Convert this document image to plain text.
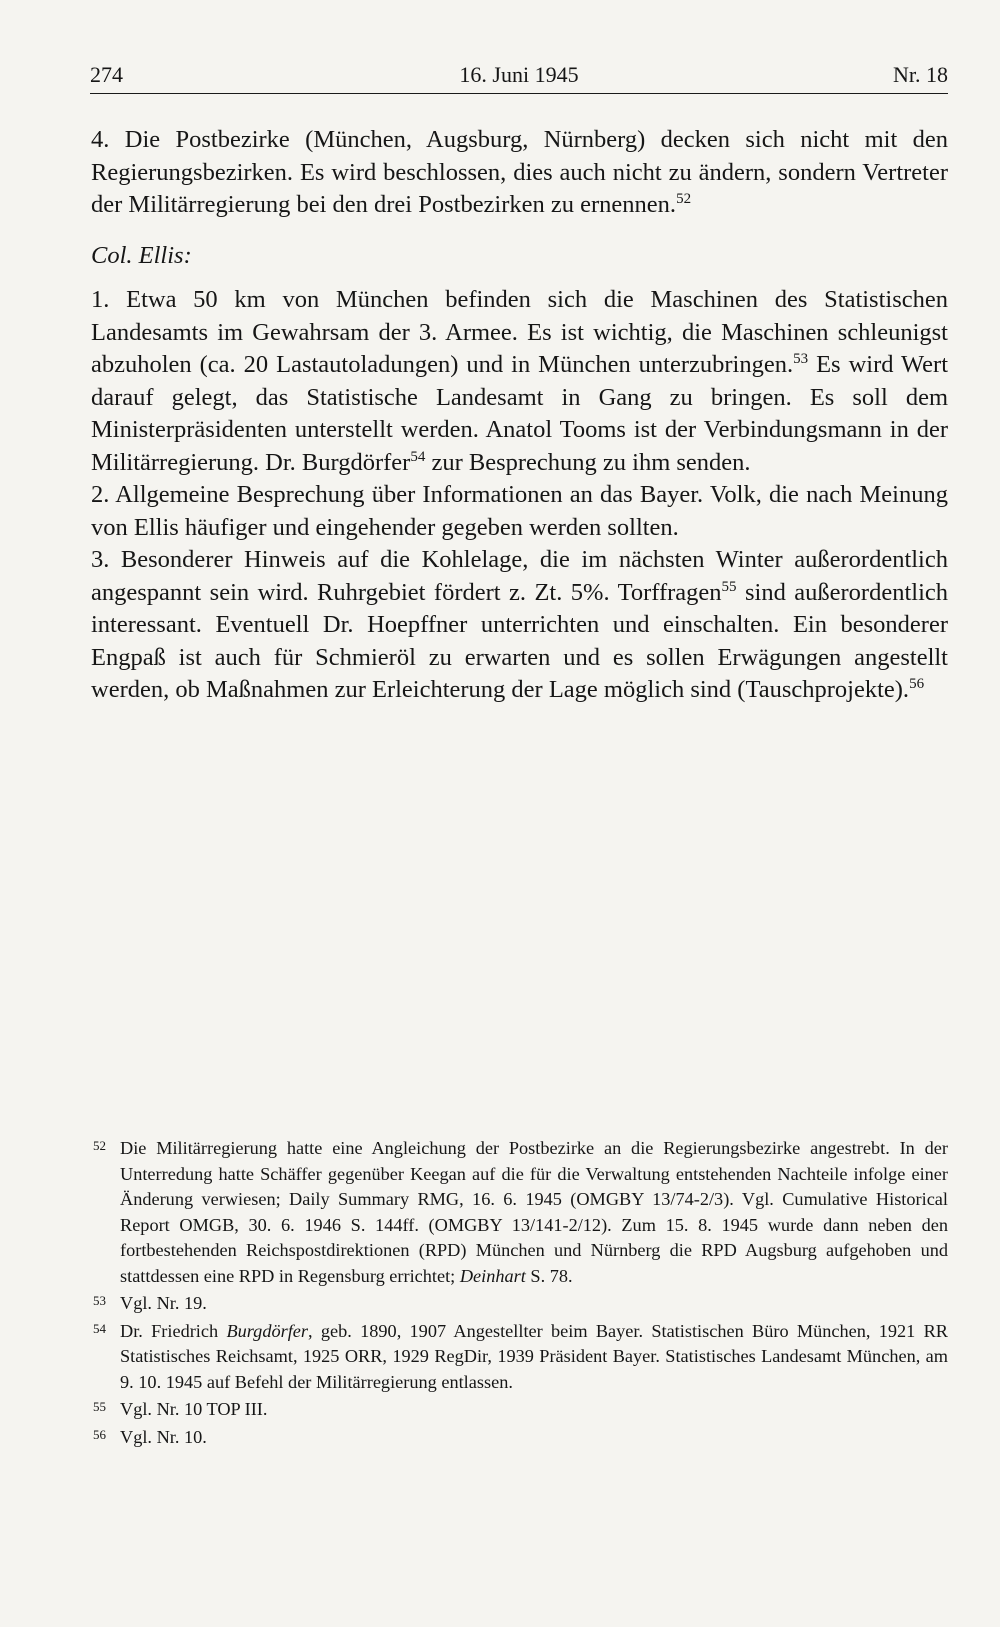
274	16. Juni 1945	Nr. 18

4. Die Postbezirke (München, Augsburg, Nürnberg) decken sich nicht mit den Regierungsbezirken. Es wird beschlossen, dies auch nicht zu ändern, sondern Vertreter der Militärregierung bei den drei Postbezirken zu ernennen.$^{52}$

Col. Ellis:

1. Etwa 50 km von München befinden sich die Maschinen des Statistischen Landesamts im Gewahrsam der 3. Armee. Es ist wichtig, die Maschinen schleunigst abzuholen (ca. 20 Lastautoladungen) und in München unterzubringen.$^{53}$ Es wird Wert darauf gelegt, das Statistische Landesamt in Gang zu bringen. Es soll dem Ministerpräsidenten unterstellt werden. Anatol Tooms ist der Verbindungsmann in der Militärregierung. Dr. Burgdörfer$^{54}$ zur Besprechung zu ihm senden.

2. Allgemeine Besprechung über Informationen an das Bayer. Volk, die nach Meinung von Ellis häufiger und eingehender gegeben werden sollten.

3. Besonderer Hinweis auf die Kohlelage, die im nächsten Winter außerordentlich angespannt sein wird. Ruhrgebiet fördert z. Zt. 5%. Torffragen$^{55}$ sind außerordentlich interessant. Eventuell Dr. Hoepffner unterrichten und einschalten. Ein besonderer Engpaß ist auch für Schmieröl zu erwarten und es sollen Erwägungen angestellt werden, ob Maßnahmen zur Erleichterung der Lage möglich sind (Tauschprojekte).$^{56}$

52 Die Militärregierung hatte eine Angleichung der Postbezirke an die Regierungsbezirke angestrebt. In der Unterredung hatte Schäffer gegenüber Keegan auf die für die Verwaltung entstehenden Nachteile infolge einer Änderung verwiesen; Daily Summary RMG, 16. 6. 1945 (OMGBY 13/74-2/3). Vgl. Cumulative Historical Report OMGB, 30. 6. 1946 S. 144ff. (OMGBY 13/141-2/12). Zum 15. 8. 1945 wurde dann neben den fortbestehenden Reichspostdirektionen (RPD) München und Nürnberg die RPD Augsburg aufgehoben und stattdessen eine RPD in Regensburg errichtet; Deinhart S. 78.
53 Vgl. Nr. 19.
54 Dr. Friedrich Burgdörfer, geb. 1890, 1907 Angestellter beim Bayer. Statistischen Büro München, 1921 RR Statistisches Reichsamt, 1925 ORR, 1929 RegDir, 1939 Präsident Bayer. Statistisches Landesamt München, am 9. 10. 1945 auf Befehl der Militärregierung entlassen.
55 Vgl. Nr. 10 TOP III.
56 Vgl. Nr. 10.
